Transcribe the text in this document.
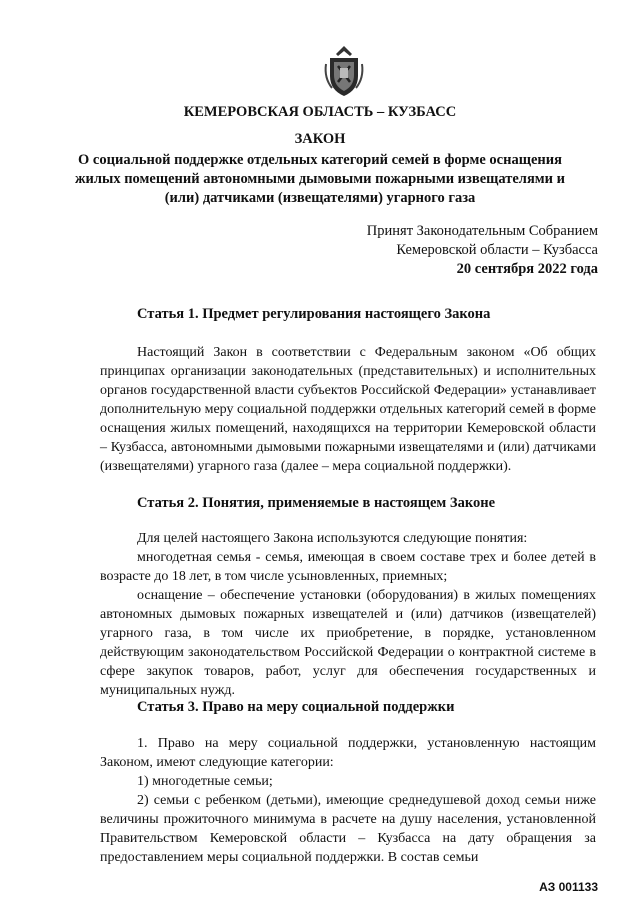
КЕМЕРОВСКАЯ ОБЛАСТЬ – КУЗБАСС
ЗАКОН
О социальной поддержке отдельных категорий семей в форме оснащения жилых помещений автономными дымовыми пожарными извещателями и (или) датчиками (извещателями) угарного газа
Принят Законодательным Собранием
Кемеровской области – Кузбасса
20 сентября 2022 года
Статья 1. Предмет регулирования настоящего Закона

Настоящий Закон в соответствии с Федеральным законом «Об общих принципах организации законодательных (представительных) и исполнительных органов государственной власти субъектов Российской Федерации» устанавливает дополнительную меру социальной поддержки отдельных категорий семей в форме оснащения жилых помещений, находящихся на территории Кемеровской области – Кузбасса, автономными дымовыми пожарными извещателями и (или) датчиками (извещателями) угарного газа (далее – мера социальной поддержки).

Статья 2. Понятия, применяемые в настоящем Законе

Для целей настоящего Закона используются следующие понятия:

многодетная семья - семья, имеющая в своем составе трех и более детей в возрасте до 18 лет, в том числе усыновленных, приемных;

оснащение – обеспечение установки (оборудования) в жилых помещениях автономных дымовых пожарных извещателей и (или) датчиков (извещателей) угарного газа, в том числе их приобретение, в порядке, установленном действующим законодательством Российской Федерации о контрактной системе в сфере закупок товаров, работ, услуг для обеспечения государственных и муниципальных нужд.

Статья 3. Право на меру социальной поддержки

1. Право на меру социальной поддержки, установленную настоящим Законом, имеют следующие категории:

1) многодетные семьи;

2) семьи с ребенком (детьми), имеющие среднедушевой доход семьи ниже величины прожиточного минимума в расчете на душу населения, установленной Правительством Кемеровской области – Кузбасса на дату обращения за предоставлением меры социальной поддержки. В состав семьи

АЗ 001133
